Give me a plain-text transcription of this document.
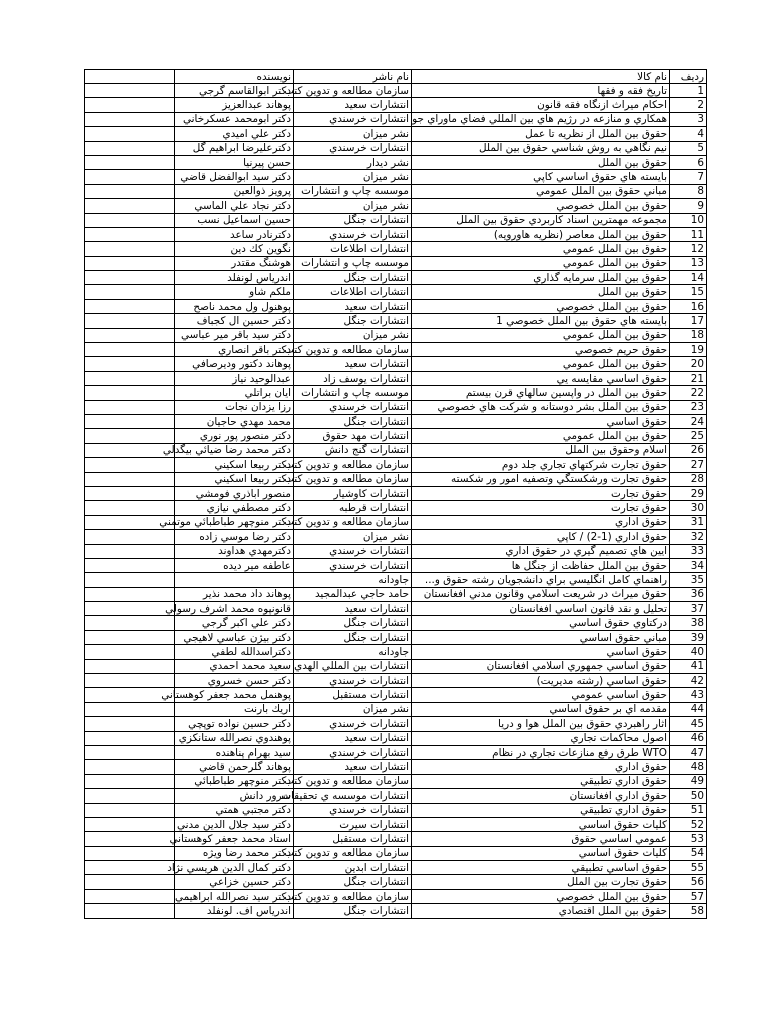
	نويسنده	نام ناشر	نام كالا	رديف
	دكتر ابوالقاسم گرجي	سازمان مطالعه و تدوين كتب	تاريخ فقه و فقها	1
	پوهاند عبدالعزيز	انتشارات سعيد	احكام ميراث ازنگاه فقه قانون	2
	دكتر ابومحمد عسكرخاني	انتشارات خرسندي	همكاري و منازعه در رژيم هاي بين المللي فضاي ماوراي جو	3
	دكتر علي اميدي	نشر ميزان	حقوق بين الملل از نظريه تا عمل	4
	دكترعليرضا ابراهيم گل	انتشارات خرسندي	نيم نگاهي به روش شناسي حقوق بين الملل	5
	حسن پيرنيا	نشر ديدار	حقوق بين الملل	6
	دكتر سيد ابوالفضل قاضي	نشر ميزان	بايسته هاي حقوق اساسي كاپي	7
	پرويز ذوالعين	موسسه چاپ و انتشارات	مباني حقوق بين الملل عمومي	8
	دكتر نجاد علي الماسي	نشر ميزان	حقوق بين الملل خصوصي	9
	حسين اسماعيل نسب	انتشارات جنگل	مجموعه مهمترين اسناد كاربردي حقوق بين الملل	10
	دكترنادر ساعد	انتشارات خرسندي	حقوق بين الملل معاصر (نظريه هاورويه)	11
	نگوين كك دين	انتشارات اطلاعات	حقوق بين الملل عمومي	12
	هوشنگ مقتدر	موسسه چاپ و انتشارات	حقوق بين الملل عمومي	13
	اندرياس لونفلد	انتشارات جنگل	حقوق بين الملل سرمايه گذاري	14
	ملكم شاو	انتشارات اطلاعات	حقوق بين الملل	15
	پوهنول ول محمد ناصح	انتشارات سعيد	حقوق بين الملل خصوصي	16
	دكتر حسين ال كجباف	انتشارات جنگل	بايسته هاي حقوق بين الملل خصوصي 1	17
	دكتر سيد باقر مير عباسي	نشر ميزان	حقوق بين الملل عمومي	18
	دكتر باقر انصاري	سازمان مطالعه و تدوين كتب	حقوق حريم خصوصي	19
	پوهاند دكتور وديرصافي	انتشارات سعيد	حقوق بين الملل عمومي	20
	عبدالوحيد نياز	انتشارات يوسف زاد	حقوق اساسي مقايسه يي	21
	ايان براتلي	موسسه چاپ و انتشارات	حقوق بين الملل در واپسين سالهاي قرن بيستم	22
	رزا يزدان نجات	انتشارات خرسندي	حقوق بين الملل بشر دوستانه و شركت هاي خصوصي	23
	محمد مهدي حاجيان	انتشارات جنگل	حقوق اساسي	24
	دكتر منصور پور نوري	انتشارات مهد حقوق	حقوق بين الملل عمومي	25
	دكتر محمد رضا ضيائي بيگدلي	انتشارات گنج دانش	اسلام وحقوق بين الملل	26
	دكتر ربيعا اسكيني	سازمان مطالعه و تدوين كتب	حقوق تجارت شركتهاي تجاري جلد دوم	27
	دكتر ربيعا اسكيني	سازمان مطالعه و تدوين كتب	حقوق تجارت ورشكستگي وتصفيه امور ور شكسته	28
	منصور اباذري فومشي	انتشارات كاوشيار	حقوق تجارت	29
	دكتر مصطفي نيازي	انتشارات قرطبه	حقوق تجارت	30
	دكتر منوچهر طباطبائي موتمني	سازمان مطالعه و تدوين كتب	حقوق اداري	31
	دكتر رضا موسي زاده	نشر ميزان	حقوق اداري (1-2) / كاپي	32
	دكترمهدي هداوند	انتشارات خرسندي	ايين هاي تصميم گيري در حقوق اداري	33
	عاطفه مير ديده	انتشارات خرسندي	حقوق بين الملل حفاظت از جنگل ها	34
		جاودانه	راهنماي كامل انگليسي براي دانشجويان رشته حقوق و...	35
	پوهاند داد محمد نذير	حامد حاجي عبدالمجيد	حقوق ميراث در شريعت اسلامي وقانون مدني افغانستان	36
	قانونپوه محمد اشرف رسولي	انتشارات سعيد	تحليل و نقد قانون اساسي افغانستان	37
	دكتر علي اكبر گرجي	انتشارات جنگل	دركتاوي حقوق اساسي	38
	دكتر بيژن عباسي لاهيجي	انتشارات جنگل	مباني حقوق اساسي	39
	دكتراسدالله لطفي	جاودانه	حقوق اساسي	40
	سعيد محمد احمدي	انتشارات بين المللي الهدي	حقوق اساسي جمهوري اسلامي افغانستان	41
	دكتر حسن خسروي	انتشارات خرسندي	حقوق اساسي (رشته مديريت)	42
	پوهنمل محمد جعفر كوهستاني	انتشارات مستقبل	حقوق اساسي عمومي	43
	اريك بارنت	نشر ميزان	مقدمه اي بر حقوق اساسي	44
	دكتر حسين نواده توپچي	انتشارات خرسندي	اثار راهبردي حقوق بين الملل هوا و دريا	45
	پوهندوي نصرالله ستانكزي	انتشارات سعيد	اصول محاكمات تجاري	46
	سيد بهرام پناهنده	انتشارات خرسندي	WTO طرق رفع منازعات تجاري در نظام	47
	پوهاند گلرحمن قاضي	انتشارات سعيد	حقوق اداري	48
	دكتر منوچهر طباطبائي	سازمان مطالعه و تدوين كتب	حقوق اداري تطبيقي	49
	سرور دانش	انتشارات موسسه ي تحقيقات	حقوق اداري افغانستان	50
	دكتر مجتبي همتي	انتشارات خرسندي	حقوق اداري تطبيقي	51
	دكتر سيد جلال الدين مدني	انتشارات سيرت	كليات حقوق اساسي	52
	استاد محمد جعفر كوهستاني	انتشارات مستقبل	عمومي اساسي حقوق	53
	دكتر محمد رضا ويژه	سازمان مطالعه و تدوين كتب	كليات حقوق اساسي	54
	دكتر كمال الدين هريسي نژاد	انتشارات ابدين	حقوق اساسي تطبيقي	55
	دكتر حسين خزاعي	انتشارات جنگل	حقوق تجارت بين الملل	56
	دكتر سيد نصرالله ابراهيمي	سازمان مطالعه و تدوين كتب	حقوق بين الملل خصوصي	57
	اندرياس اف. لونفلد	انتشارات جنگل	حقوق بين الملل اقتصادي	58
